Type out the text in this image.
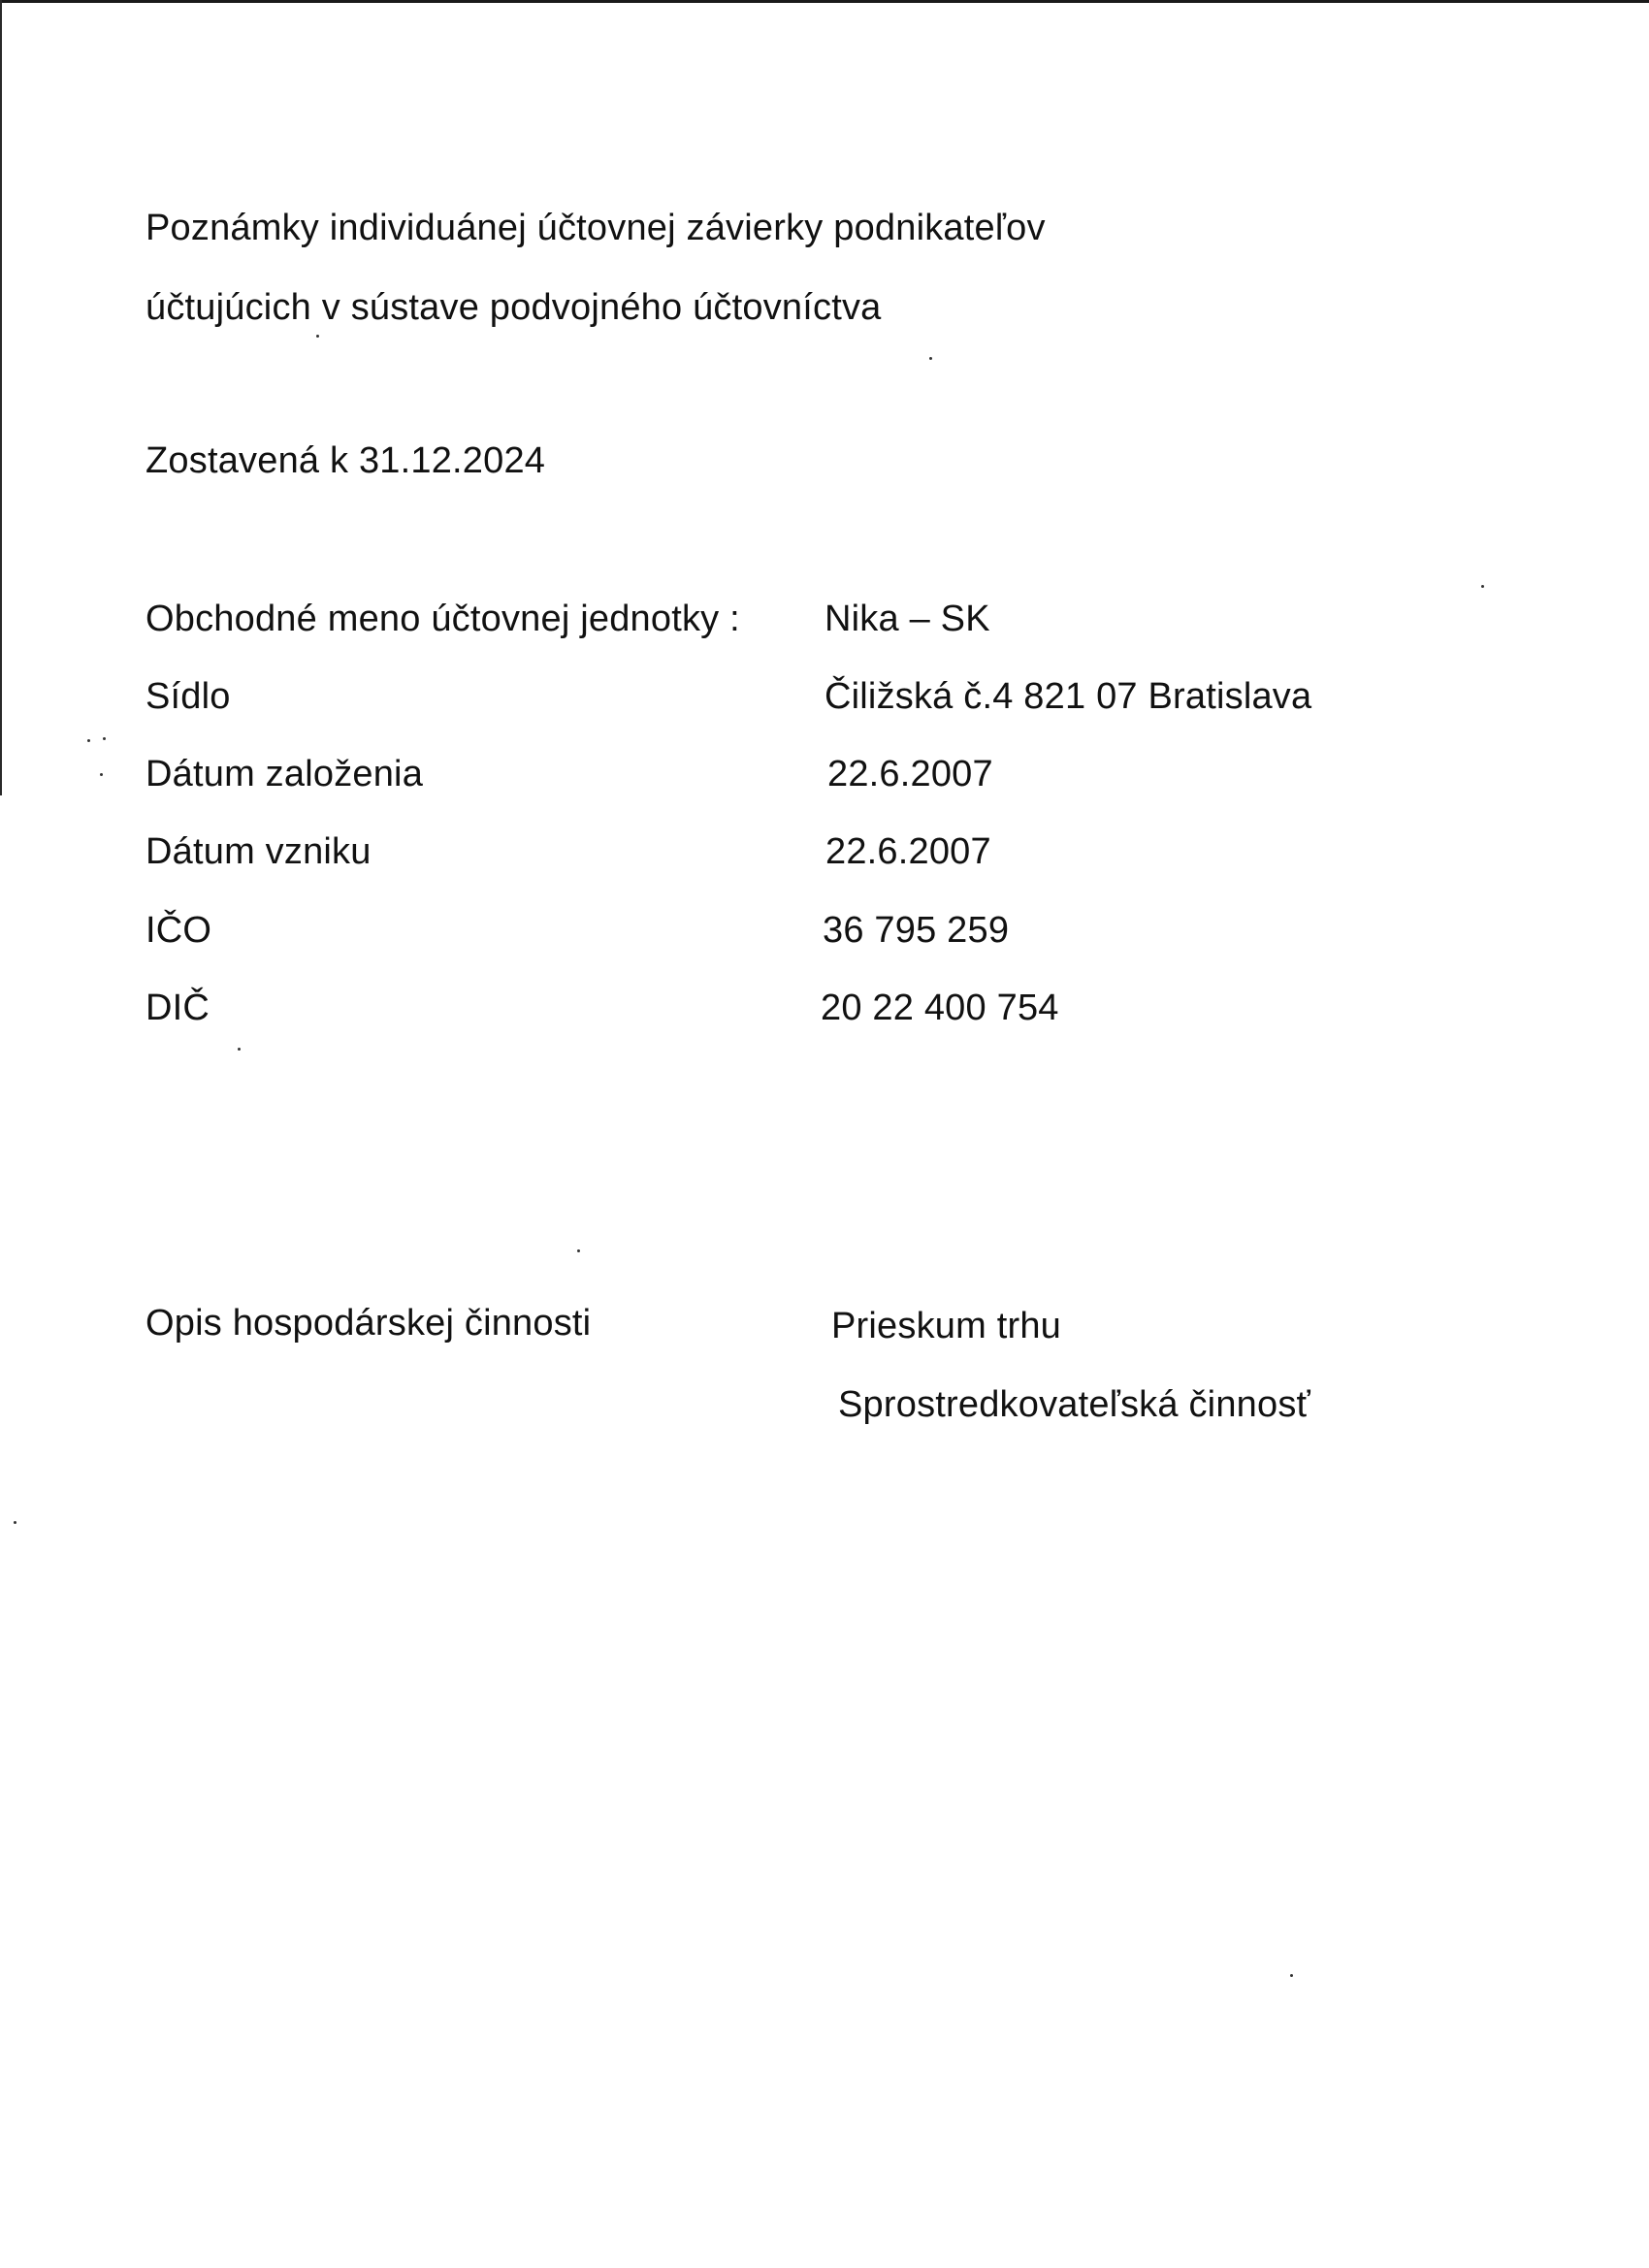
Poznámky individuánej účtovnej závierky podnikateľov
účtujúcich v sústave podvojného účtovníctva
Zostavená k 31.12.2024
Obchodné meno účtovnej jednotky : Nika – SK
Sídlo	Čiližská č.4 821 07 Bratislava
Dátum založenia	22.6.2007
Dátum vzniku	22.6.2007
IČO	36 795 259
DIČ	20 22 400 754
Opis hospodárskej činnosti	Prieskum trhu
Sprostredkovateľská činnosť
